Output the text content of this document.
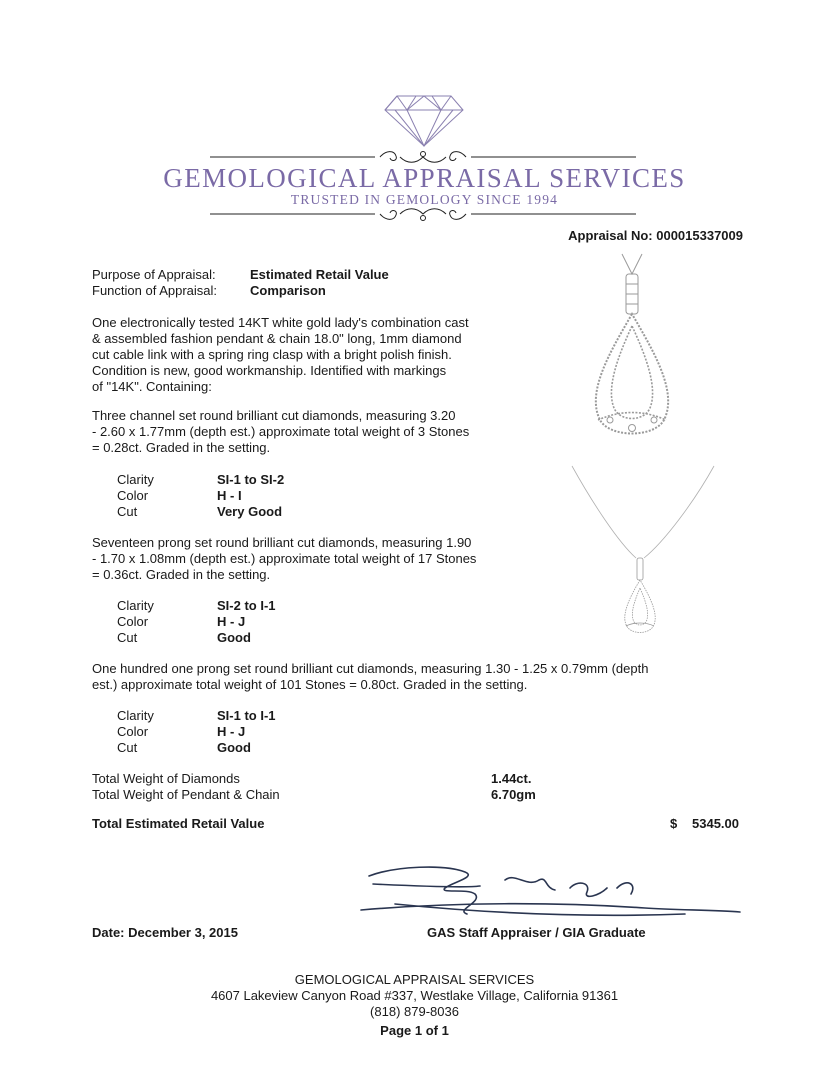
GEMOLOGICAL APPRAISAL SERVICES
TRUSTED IN GEMOLOGY SINCE 1994
Appraisal No: 000015337009
Purpose of Appraisal:	Estimated Retail Value
Function of Appraisal:	Comparison
One electronically tested 14KT white gold lady's combination cast
& assembled fashion pendant & chain 18.0" long, 1mm diamond
cut cable link with a spring ring clasp with a bright polish finish.
Condition is new, good workmanship. Identified with markings
of "14K". Containing:
Three channel set round brilliant cut diamonds, measuring 3.20
- 2.60 x 1.77mm (depth est.) approximate total weight of 3 Stones
= 0.28ct. Graded in the setting.
Clarity	SI-1 to SI-2
Color	H - I
Cut	Very Good
Seventeen prong set round brilliant cut diamonds, measuring 1.90
- 1.70 x 1.08mm (depth est.) approximate total weight of 17 Stones
= 0.36ct. Graded in the setting.
Clarity	SI-2 to I-1
Color	H - J
Cut	Good
One hundred one prong set round brilliant cut diamonds, measuring 1.30 - 1.25 x 0.79mm (depth
est.) approximate total weight of 101 Stones = 0.80ct. Graded in the setting.
Clarity	SI-1 to I-1
Color	H - J
Cut	Good
Total Weight of Diamonds	1.44ct.
Total Weight of Pendant & Chain	6.70gm
Total Estimated Retail Value	$ 5345.00
Date: December 3, 2015	GAS Staff Appraiser / GIA Graduate
GEMOLOGICAL APPRAISAL SERVICES
4607 Lakeview Canyon Road #337, Westlake Village, California 91361
(818) 879-8036
Page 1 of 1
